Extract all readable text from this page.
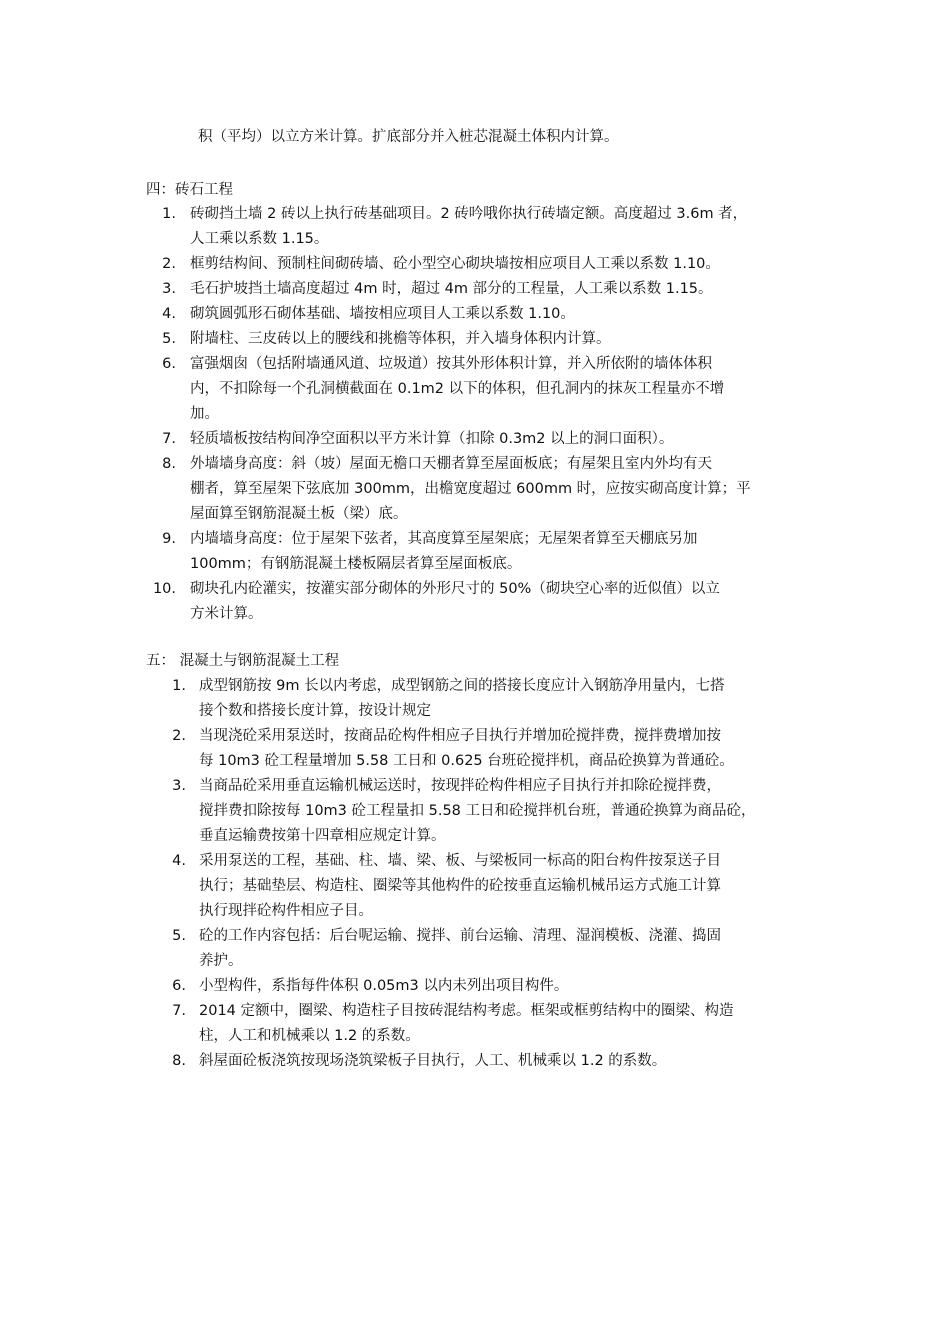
积（平均）以立方米计算。扩底部分并入桩芯混凝土体积内计算。
四：砖石工程
1. 砖砌挡土墙 2 砖以上执行砖基础项目。2 砖吟哦你执行砖墙定额。高度超过 3.6m 者，
人工乘以系数 1.15。
2. 框剪结构间、预制柱间砌砖墙、砼小型空心砌块墙按相应项目人工乘以系数 1.10。
3. 毛石护坡挡土墙高度超过 4m 时，超过 4m 部分的工程量，人工乘以系数 1.15。
4. 砌筑圆弧形石砌体基础、墙按相应项目人工乘以系数 1.10。
5. 附墙柱、三皮砖以上的腰线和挑檐等体积，并入墙身体积内计算。
6. 富强烟囱（包括附墙通风道、垃圾道）按其外形体积计算，并入所依附的墙体体积
内，不扣除每一个孔洞横截面在 0.1m2 以下的体积，但孔洞内的抹灰工程量亦不增
加。
7. 轻质墙板按结构间净空面积以平方米计算（扣除 0.3m2 以上的洞口面积）。
8. 外墙墙身高度：斜（坡）屋面无檐口天棚者算至屋面板底；有屋架且室内外均有天
棚者，算至屋架下弦底加 300mm，出檐宽度超过 600mm 时，应按实砌高度计算；平
屋面算至钢筋混凝土板（梁）底。
9. 内墙墙身高度：位于屋架下弦者，其高度算至屋架底；无屋架者算至天棚底另加
100mm；有钢筋混凝土楼板隔层者算至屋面板底。
10. 砌块孔内砼灌实，按灌实部分砌体的外形尺寸的 50%（砌块空心率的近似值）以立
方米计算。
五： 混凝土与钢筋混凝土工程
1. 成型钢筋按 9m 长以内考虑，成型钢筋之间的搭接长度应计入钢筋净用量内，七搭
接个数和搭接长度计算，按设计规定
2. 当现浇砼采用泵送时，按商品砼构件相应子目执行并增加砼搅拌费，搅拌费增加按
每 10m3 砼工程量增加 5.58 工日和 0.625 台班砼搅拌机，商品砼换算为普通砼。
3. 当商品砼采用垂直运输机械运送时，按现拌砼构件相应子目执行并扣除砼搅拌费，
搅拌费扣除按每 10m3 砼工程量扣 5.58 工日和砼搅拌机台班，普通砼换算为商品砼，
垂直运输费按第十四章相应规定计算。
4. 采用泵送的工程，基础、柱、墙、梁、板、与梁板同一标高的阳台构件按泵送子目
执行；基础垫层、构造柱、圈梁等其他构件的砼按垂直运输机械吊运方式施工计算
执行现拌砼构件相应子目。
5. 砼的工作内容包括：后台呢运输、搅拌、前台运输、清理、湿润模板、浇灌、捣固
养护。
6. 小型构件，系指每件体积 0.05m3 以内未列出项目构件。
7. 2014 定额中，圈梁、构造柱子目按砖混结构考虑。框架或框剪结构中的圈梁、构造
柱，人工和机械乘以 1.2 的系数。
8. 斜屋面砼板浇筑按现场浇筑梁板子目执行，人工、机械乘以 1.2 的系数。
